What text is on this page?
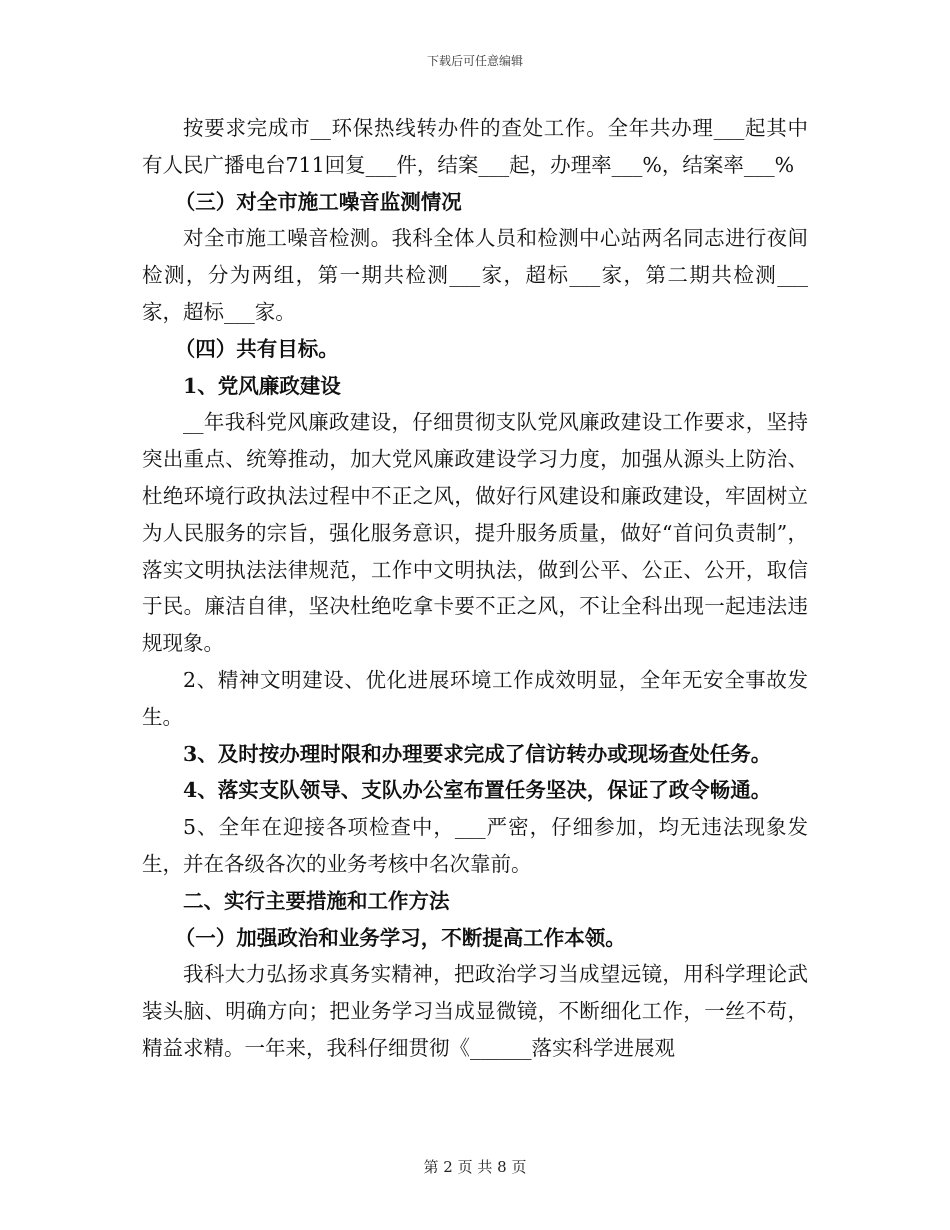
下载后可任意编辑

按要求完成市__环保热线转办件的查处工作。全年共办理___起其中有人民广播电台711回复___件，结案___起，办理率___%，结案率___%

（三）对全市施工噪音监测情况

对全市施工噪音检测。我科全体人员和检测中心站两名同志进行夜间检测，分为两组，第一期共检测___家，超标___家，第二期共检测___家，超标___家。

（四）共有目标。

1、党风廉政建设

__年我科党风廉政建设，仔细贯彻支队党风廉政建设工作要求，坚持突出重点、统筹推动，加大党风廉政建设学习力度，加强从源头上防治、杜绝环境行政执法过程中不正之风，做好行风建设和廉政建设，牢固树立为人民服务的宗旨，强化服务意识，提升服务质量，做好“首问负责制”，落实文明执法法律规范，工作中文明执法，做到公平、公正、公开，取信于民。廉洁自律，坚决杜绝吃拿卡要不正之风，不让全科出现一起违法违规现象。

2、精神文明建设、优化进展环境工作成效明显，全年无安全事故发生。

3、及时按办理时限和办理要求完成了信访转办或现场查处任务。

4、落实支队领导、支队办公室布置任务坚决，保证了政令畅通。

5、全年在迎接各项检查中，___严密，仔细参加，均无违法现象发生，并在各级各次的业务考核中名次靠前。

二、实行主要措施和工作方法

（一）加强政治和业务学习，不断提高工作本领。

我科大力弘扬求真务实精神，把政治学习当成望远镜，用科学理论武装头脑、明确方向；把业务学习当成显微镜，不断细化工作，一丝不苟，精益求精。一年来，我科仔细贯彻《______落实科学进展观

第 2 页 共 8 页
